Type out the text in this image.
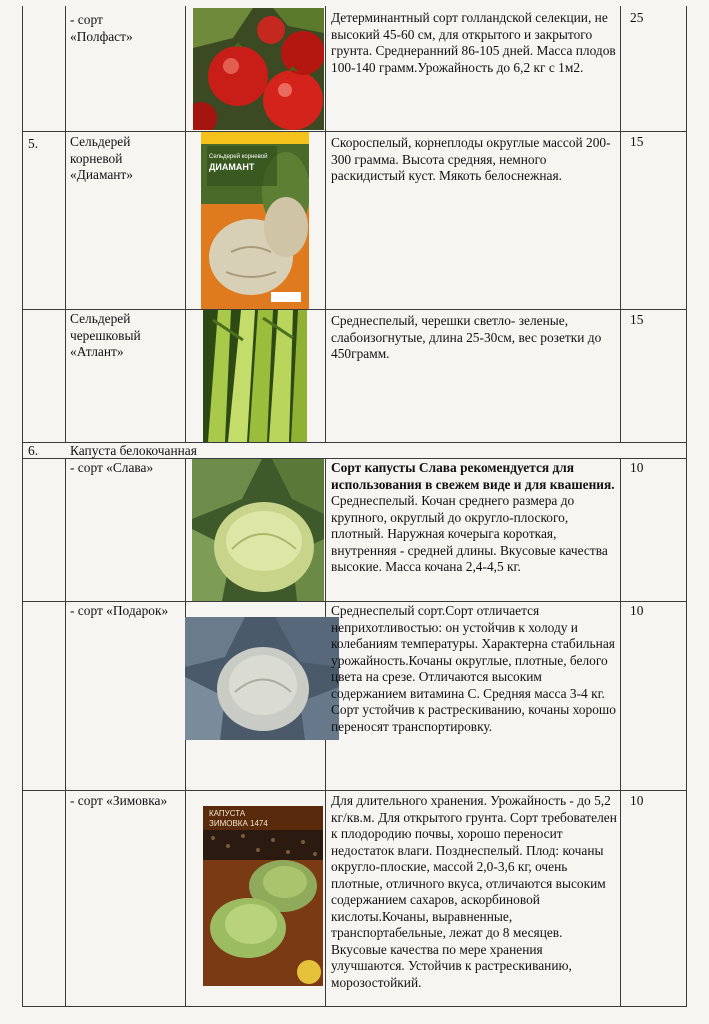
- сорт
«Полфаст»
Детерминантный сорт голландской селекции, не высокий 45-60 см, для открытого и закрытого грунта. Среднеранний 86-105 дней. Масса плодов 100-140 грамм.Урожайность до 6,2 кг с 1м2.
25
5. Сельдерей
корневой
«Диамант»
Сельдерей корневой
ДИАМАНТ
Скороспелый, корнеплоды округлые массой 200-300 грамма. Высота средняя, немного раскидистый куст. Мякоть белоснежная.
15
Сельдерей
черешковый
«Атлант»
Среднеспелый, черешки светло- зеленые, слабоизогнутые, длина 25-30см, вес розетки до 450грамм.
15
6. Капуста белокочанная
- сорт «Слава»	Сорт капусты Слава рекомендуется для использования в свежем виде и для квашения. Среднеспелый. Кочан среднего размера до крупного, округлый до округло-плоского, плотный. Наружная кочерыга короткая, внутренняя - средней длины. Вкусовые качества высокие. Масса кочана 2,4-4,5 кг.
10
- сорт «Подарок»	Среднеспелый сорт.Сорт отличается неприхотливостью: он устойчив к холоду и колебаниям температуры. Характерна стабильная урожайность.Кочаны округлые, плотные, белого цвета на срезе. Отличаются высоким содержанием витамина С. Средняя масса 3-4 кг. Сорт устойчив к растрескиванию, кочаны хорошо переносят транспортировку.
10
- сорт «Зимовка»
КАПУСТА
ЗИМОВКА 1474
Для длительного хранения. Урожайность - до 5,2 кг/кв.м. Для открытого грунта. Сорт требователен к плодородию почвы, хорошо переносит недостаток влаги. Позднеспелый. Плод: кочаны округло-плоские, массой 2,0-3,6 кг, очень плотные, отличного вкуса, отличаются высоким содержанием сахаров, аскорбиновой кислоты.Кочаны, выравненные, транспортабельные, лежат до 8 месяцев. Вкусовые качества по мере хранения улучшаются. Устойчив к растрескиванию, морозостойкий.
10
